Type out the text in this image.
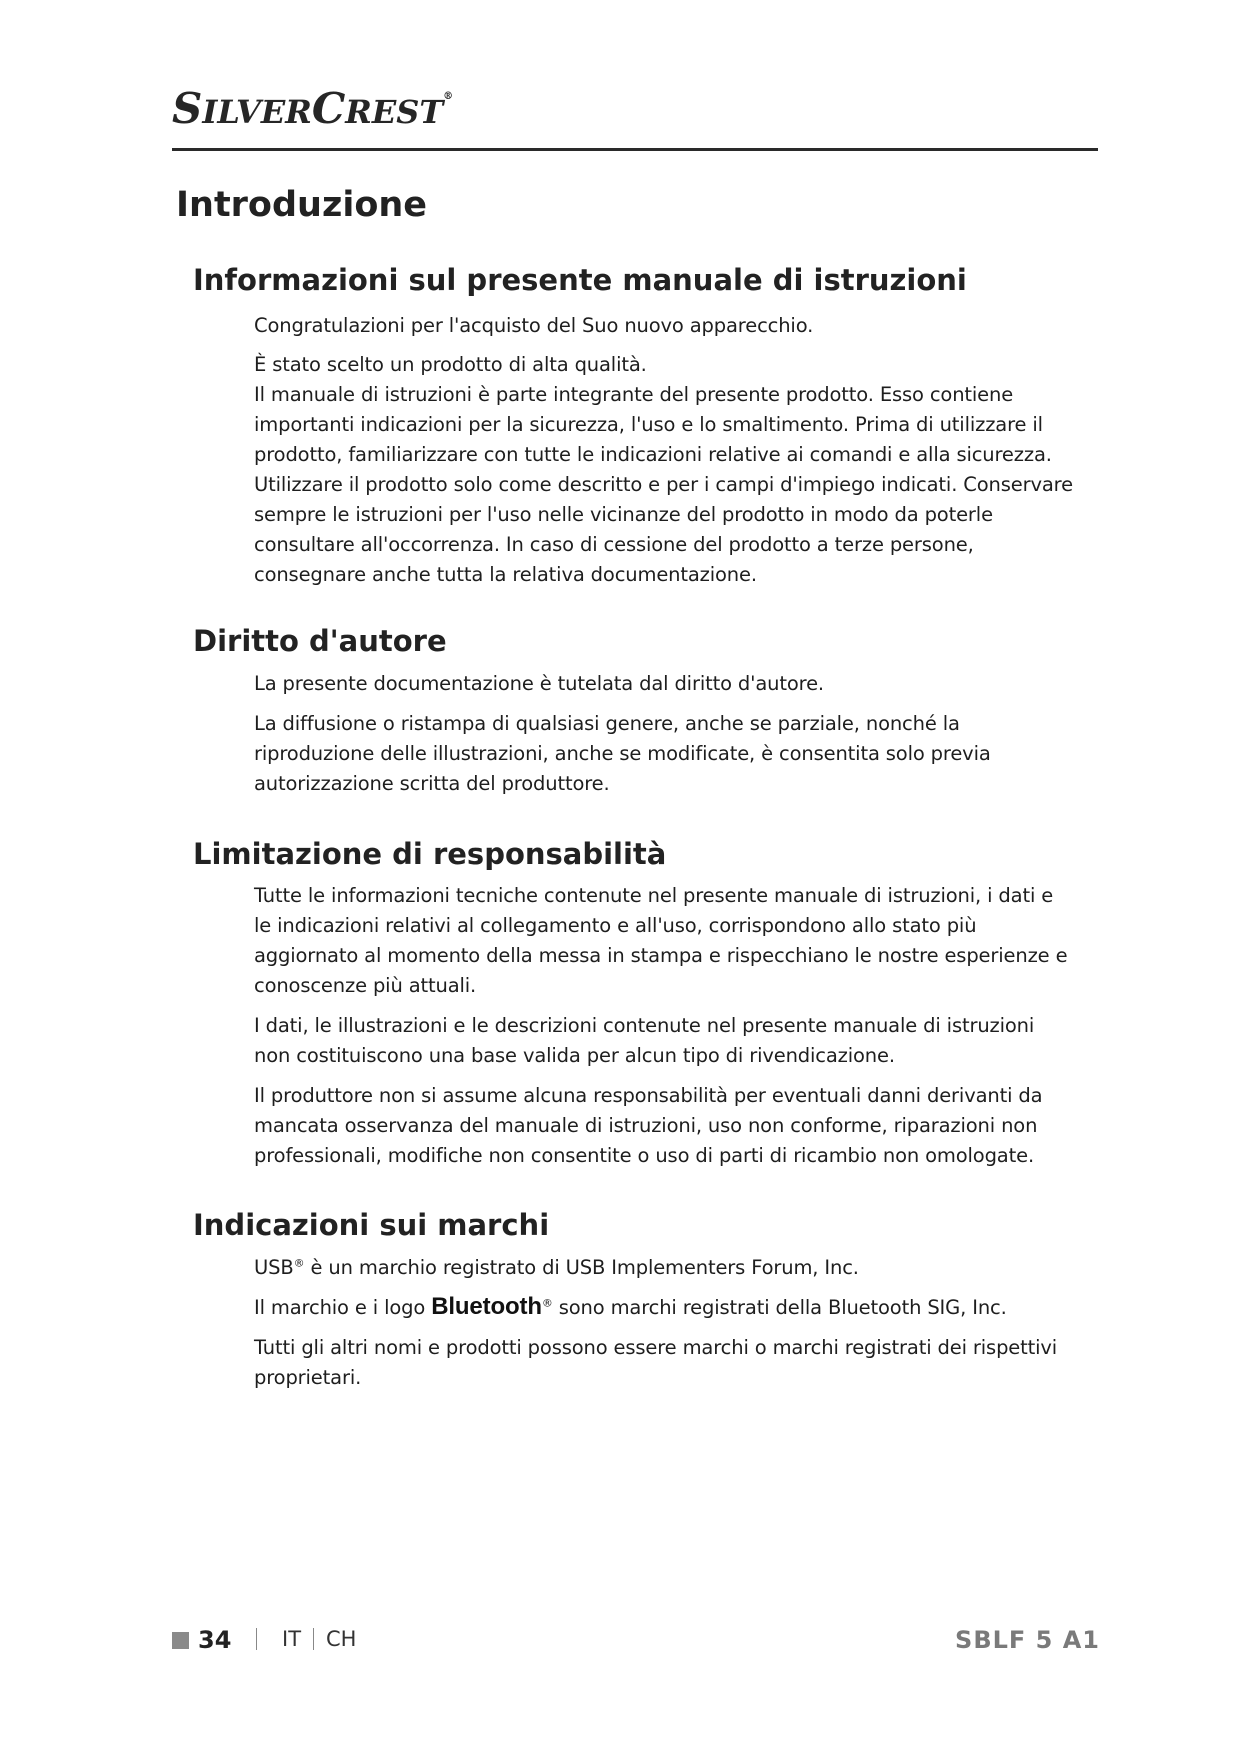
SILVERCREST®
Introduzione
Informazioni sul presente manuale di istruzioni

Congratulazioni per l'acquisto del Suo nuovo apparecchio.

È stato scelto un prodotto di alta qualità.
Il manuale di istruzioni è parte integrante del presente prodotto. Esso contiene importanti indicazioni per la sicurezza, l'uso e lo smaltimento. Prima di utilizzare il prodotto, familiarizzare con tutte le indicazioni relative ai comandi e alla sicurezza. Utilizzare il prodotto solo come descritto e per i campi d'impiego indicati. Conservare sempre le istruzioni per l'uso nelle vicinanze del prodotto in modo da poterle consultare all'occorrenza. In caso di cessione del prodotto a terze persone, consegnare anche tutta la relativa documentazione.

Diritto d'autore

La presente documentazione è tutelata dal diritto d'autore.

La diffusione o ristampa di qualsiasi genere, anche se parziale, nonché la riproduzione delle illustrazioni, anche se modificate, è consentita solo previa autorizzazione scritta del produttore.

Limitazione di responsabilità

Tutte le informazioni tecniche contenute nel presente manuale di istruzioni, i dati e le indicazioni relativi al collegamento e all'uso, corrispondono allo stato più aggiornato al momento della messa in stampa e rispecchiano le nostre esperienze e conoscenze più attuali.

I dati, le illustrazioni e le descrizioni contenute nel presente manuale di istruzioni non costituiscono una base valida per alcun tipo di rivendicazione.

Il produttore non si assume alcuna responsabilità per eventuali danni derivanti da mancata osservanza del manuale di istruzioni, uso non conforme, riparazioni non professionali, modifiche non consentite o uso di parti di ricambio non omologate.

Indicazioni sui marchi

USB® è un marchio registrato di USB Implementers Forum, Inc.

Il marchio e i logo Bluetooth® sono marchi registrati della Bluetooth SIG, Inc.

Tutti gli altri nomi e prodotti possono essere marchi o marchi registrati dei rispettivi proprietari.

34 IT CH	SBLF 5 A1
